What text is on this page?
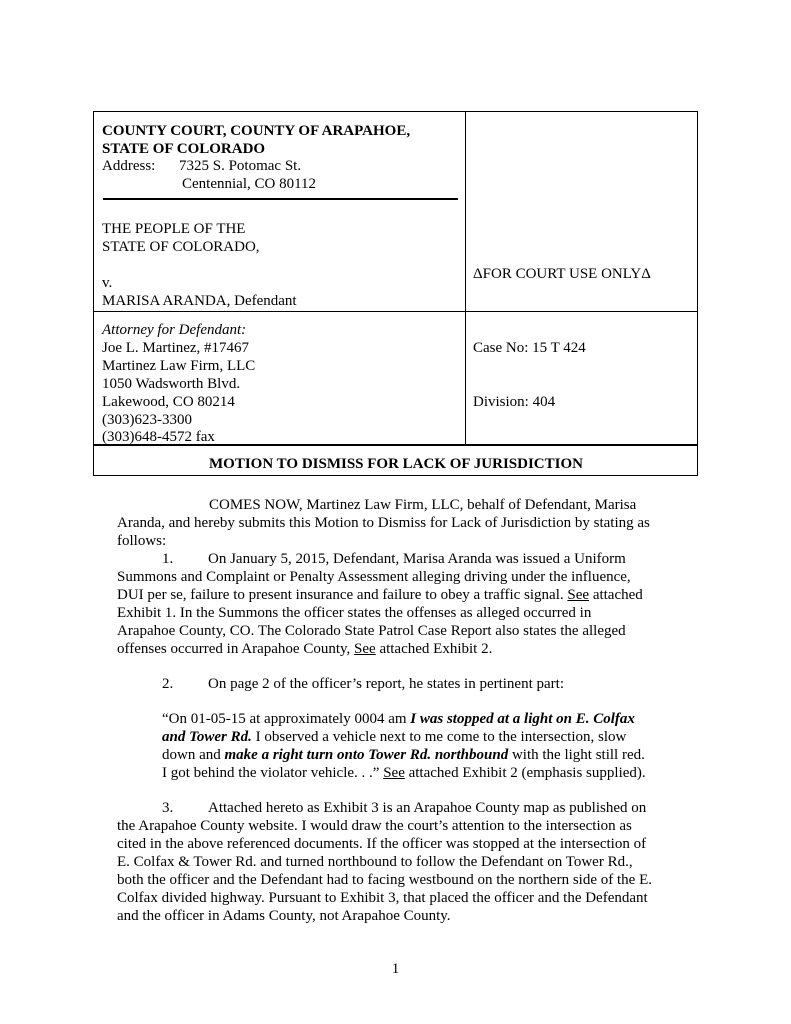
COUNTY COURT, COUNTY OF ARAPAHOE,
STATE OF COLORADO
Address: 7325 S. Potomac St.
Centennial, CO 80112
THE PEOPLE OF THE
STATE OF COLORADO,
v.
MARISA ARANDA, Defendant
ΔFOR COURT USE ONLYΔ
Attorney for Defendant:
Joe L. Martinez, #17467
Martinez Law Firm, LLC
1050 Wadsworth Blvd.
Lakewood, CO 80214
(303)623-3300
(303)648-4572 fax
Case No: 15 T 424
Division: 404
MOTION TO DISMISS FOR LACK OF JURISDICTION
COMES NOW, Martinez Law Firm, LLC, behalf of Defendant, Marisa
Aranda, and hereby submits this Motion to Dismiss for Lack of Jurisdiction by stating as
follows:
1. On January 5, 2015, Defendant, Marisa Aranda was issued a Uniform
Summons and Complaint or Penalty Assessment alleging driving under the influence,
DUI per se, failure to present insurance and failure to obey a traffic signal. See attached
Exhibit 1. In the Summons the officer states the offenses as alleged occurred in
Arapahoe County, CO. The Colorado State Patrol Case Report also states the alleged
offenses occurred in Arapahoe County, See attached Exhibit 2.
2. On page 2 of the officer’s report, he states in pertinent part:
“On 01-05-15 at approximately 0004 am I was stopped at a light on E. Colfax
and Tower Rd. I observed a vehicle next to me come to the intersection, slow
down and make a right turn onto Tower Rd. northbound with the light still red.
I got behind the violator vehicle. . .” See attached Exhibit 2 (emphasis supplied).
3. Attached hereto as Exhibit 3 is an Arapahoe County map as published on
the Arapahoe County website. I would draw the court’s attention to the intersection as
cited in the above referenced documents. If the officer was stopped at the intersection of
E. Colfax & Tower Rd. and turned northbound to follow the Defendant on Tower Rd.,
both the officer and the Defendant had to facing westbound on the northern side of the E.
Colfax divided highway. Pursuant to Exhibit 3, that placed the officer and the Defendant
and the officer in Adams County, not Arapahoe County.
1
